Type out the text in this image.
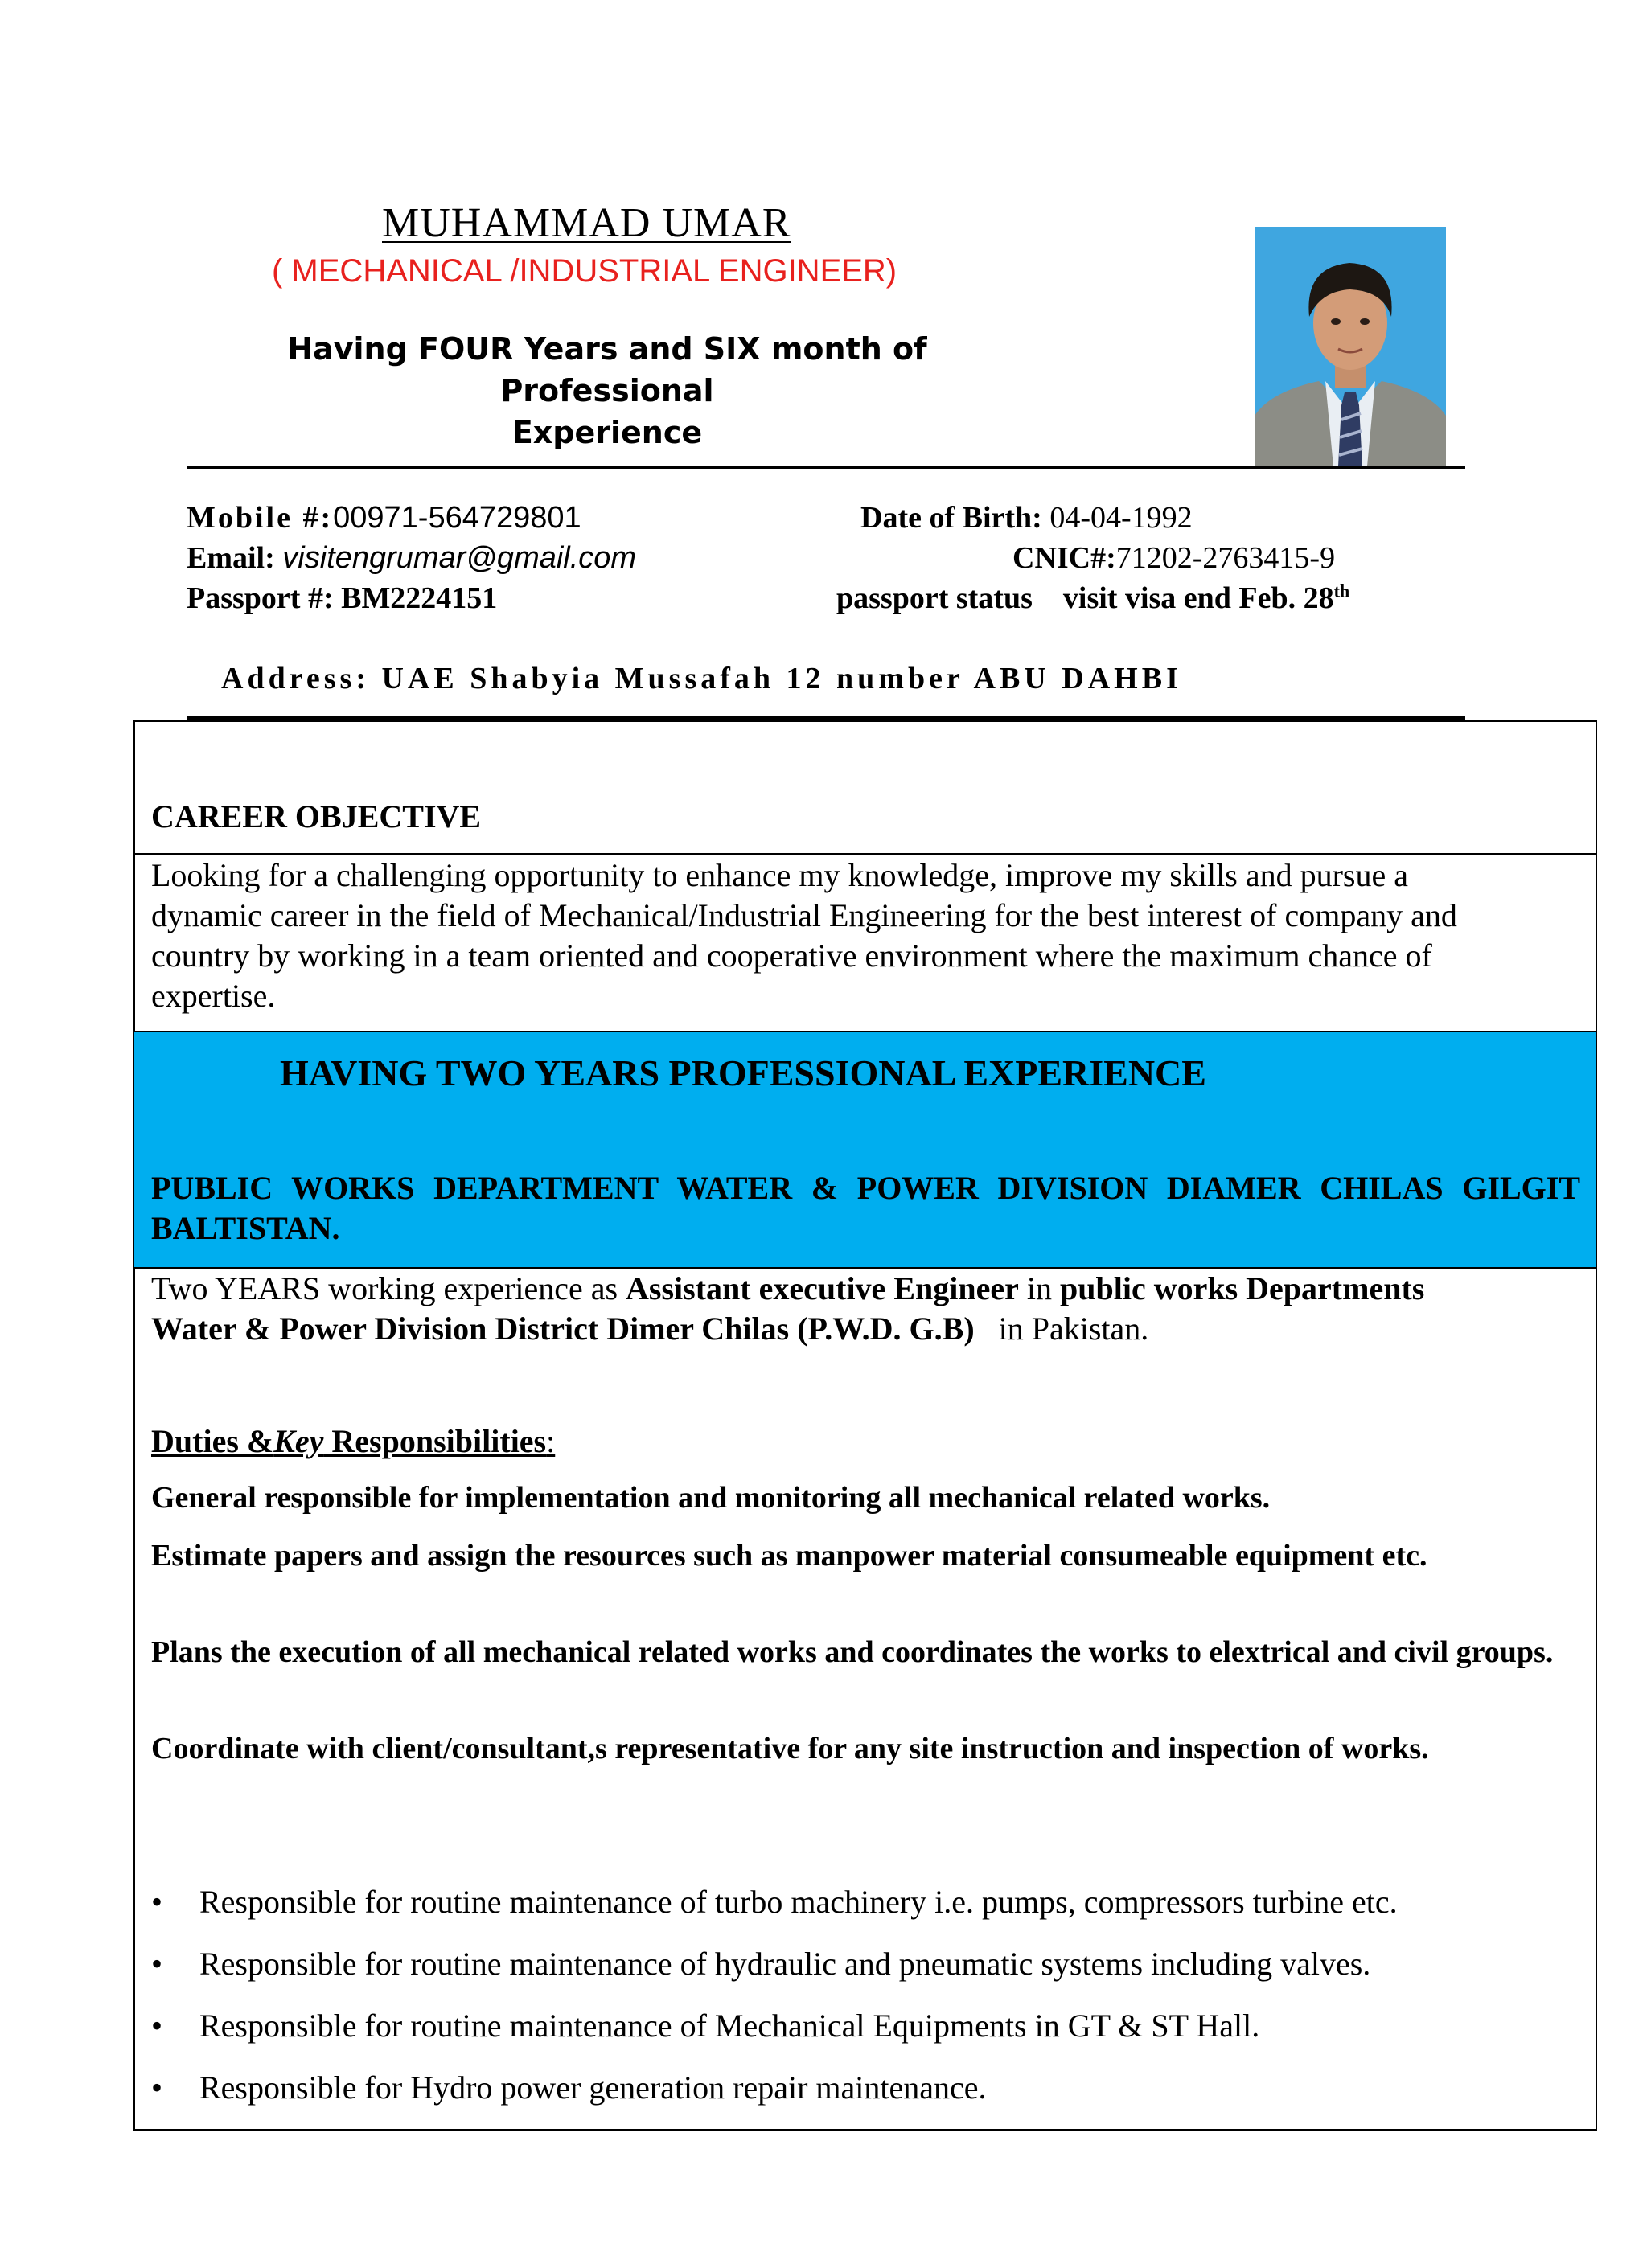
MUHAMMAD UMAR
( MECHANICAL /INDUSTRIAL ENGINEER)
Having FOUR Years and SIX month of Professional
Experience
Mobile #:00971-564729801	Date of Birth: 04-04-1992
Email: visitengrumar@gmail.com	CNIC#:71202-2763415-9
Passport #: BM2224151	passport status visit visa end Feb. 28th
Address: UAE Shabyia Mussafah 12 number ABU DAHBI
CAREER OBJECTIVE
Looking for a challenging opportunity to enhance my knowledge, improve my skills and pursue a
dynamic career in the field of Mechanical/Industrial Engineering for the best interest of company and
country by working in a team oriented and cooperative environment where the maximum chance of
expertise.
HAVING TWO YEARS PROFESSIONAL EXPERIENCE
PUBLIC WORKS DEPARTMENT WATER & POWER DIVISION DIAMER CHILAS GILGIT BALTISTAN.
Two YEARS working experience as Assistant executive Engineer in public works Departments
Water & Power Division District Dimer Chilas (P.W.D. G.B)   in Pakistan.
Duties &Key Responsibilities:
General responsible for implementation and monitoring all mechanical related works.
Estimate papers and assign the resources such as manpower material consumeable equipment etc.
Plans the execution of all mechanical related works and coordinates the works to elextrical and civil groups.
Coordinate with client/consultant,s representative for any site instruction and inspection of works.
• Responsible for routine maintenance of turbo machinery i.e. pumps, compressors turbine etc.
• Responsible for routine maintenance of hydraulic and pneumatic systems including valves.
• Responsible for routine maintenance of Mechanical Equipments in GT & ST Hall.
• Responsible for Hydro power generation repair maintenance.
